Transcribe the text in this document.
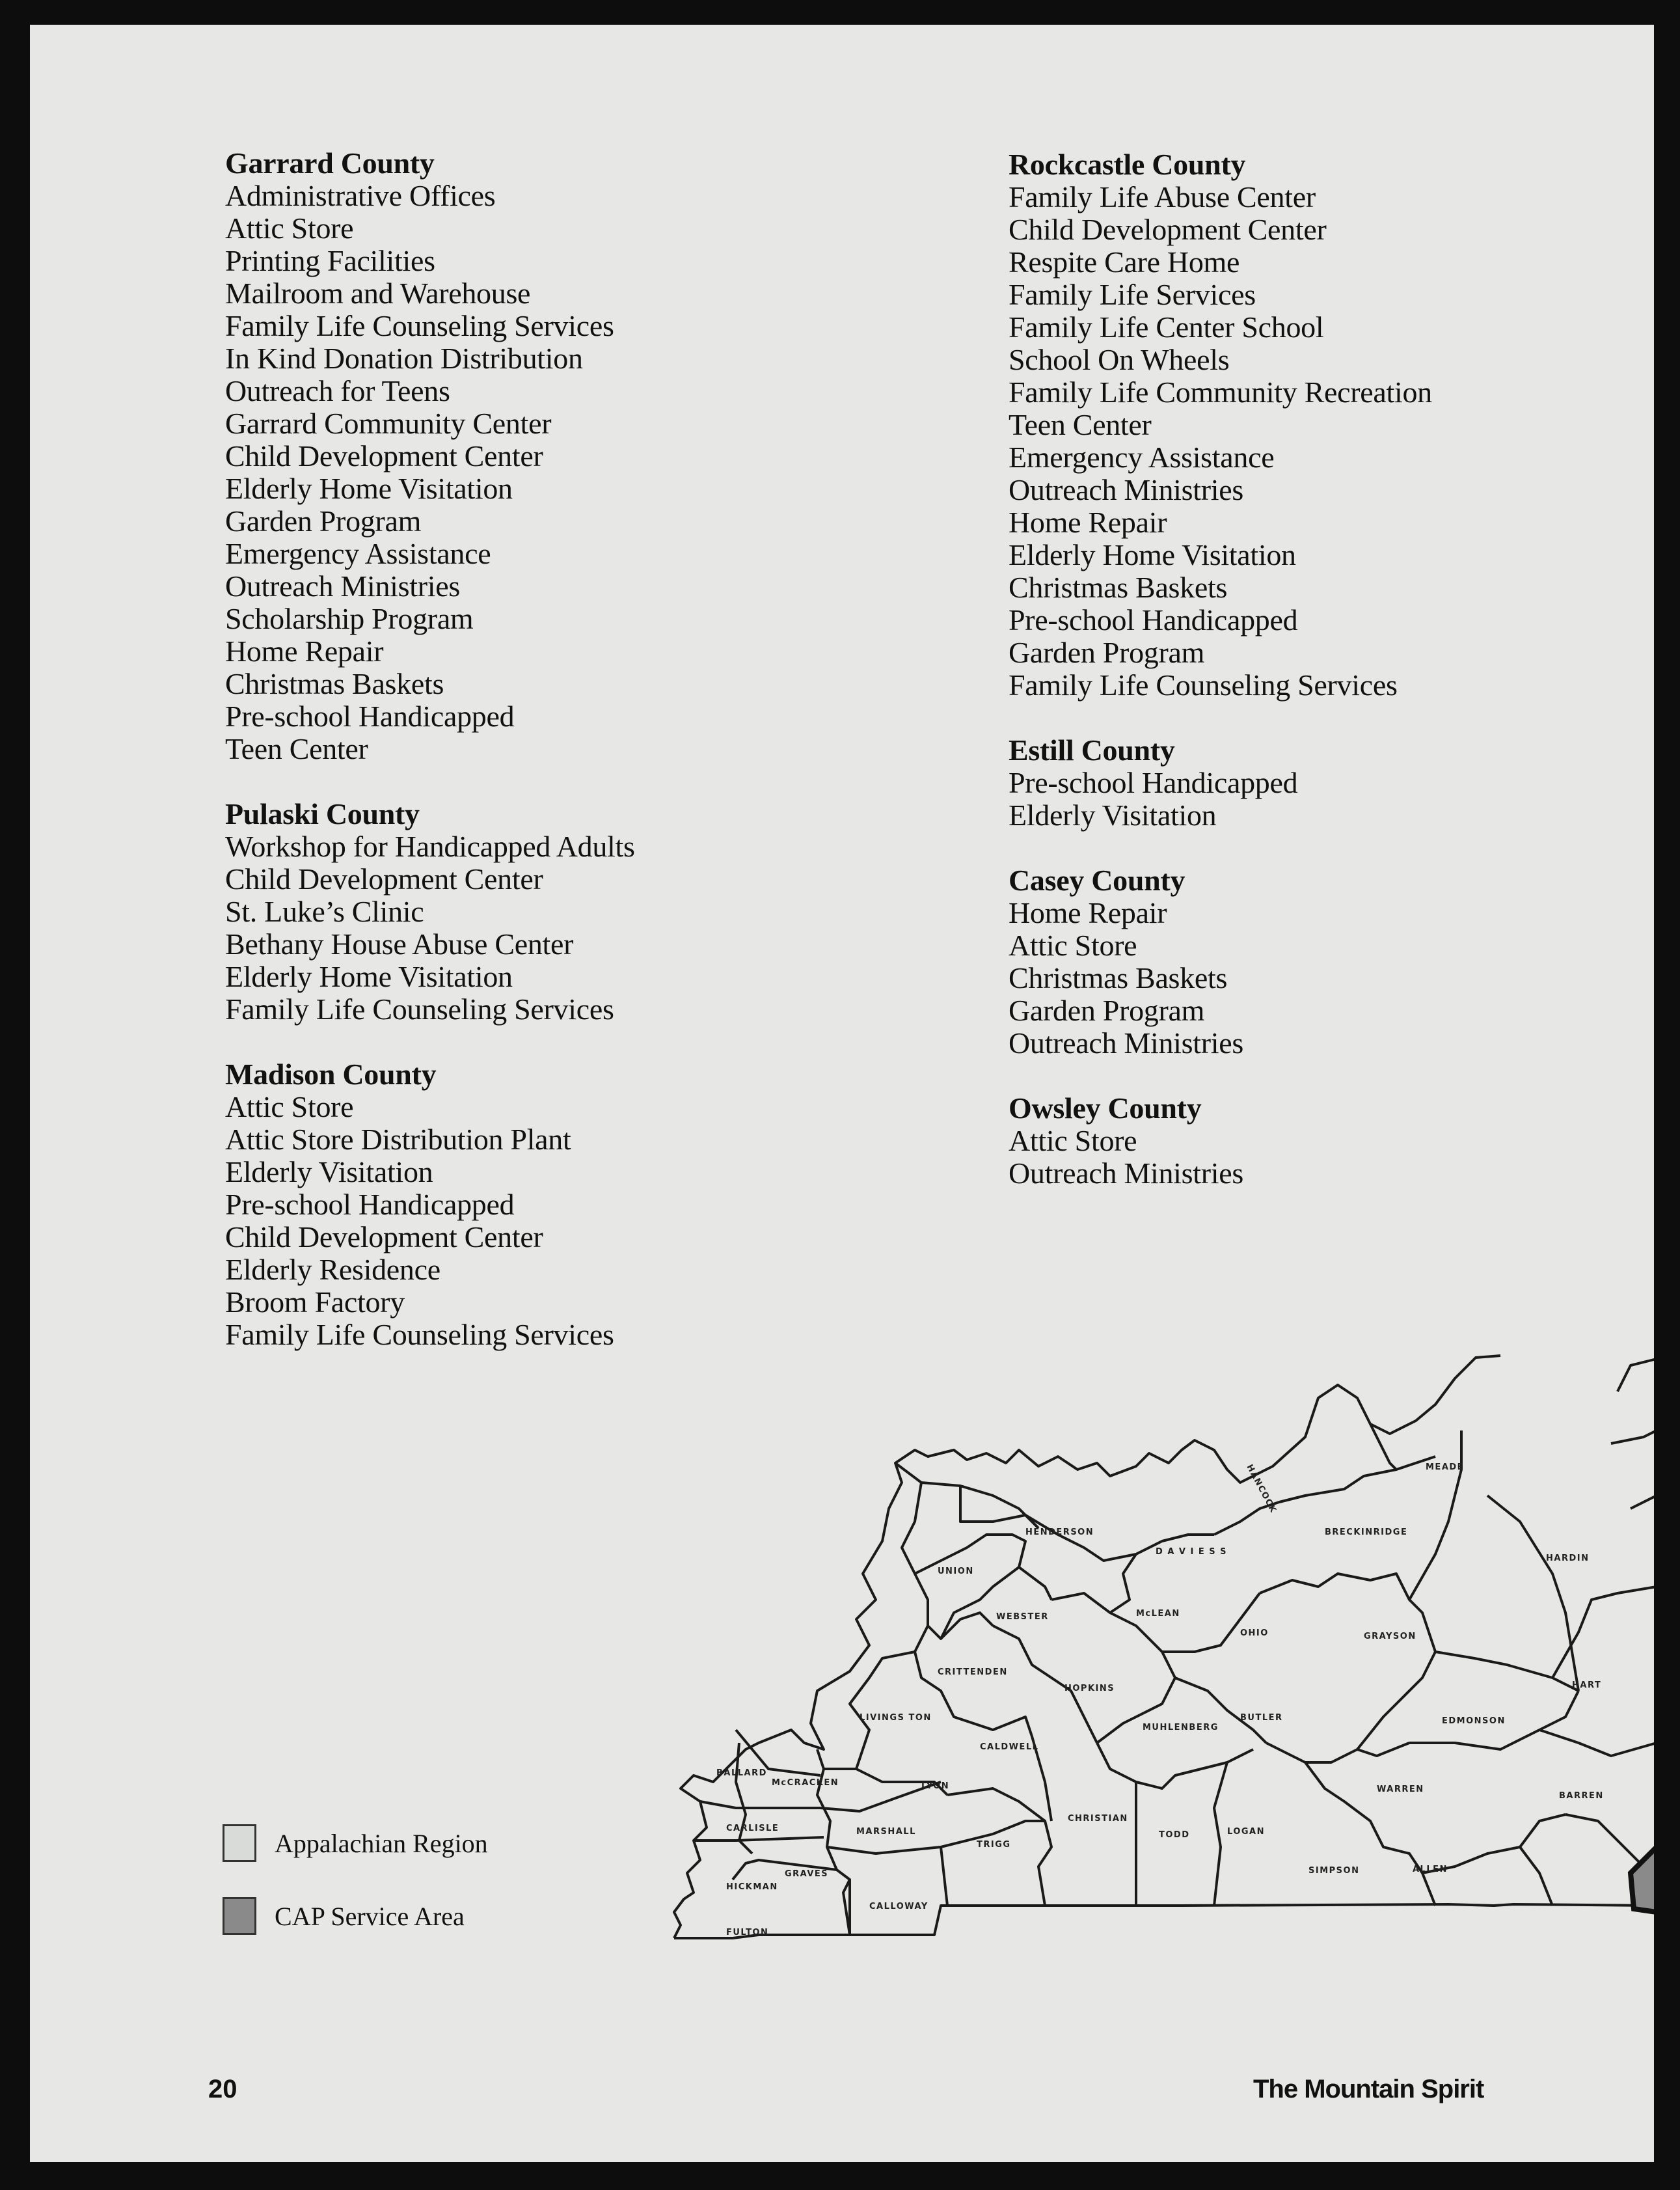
Garrard County
Administrative Offices
Attic Store
Printing Facilities
Mailroom and Warehouse
Family Life Counseling Services
In Kind Donation Distribution
Outreach for Teens
Garrard Community Center
Child Development Center
Elderly Home Visitation
Garden Program
Emergency Assistance
Outreach Ministries
Scholarship Program
Home Repair
Christmas Baskets
Pre-school Handicapped
Teen Center
Pulaski County
Workshop for Handicapped Adults
Child Development Center
St. Luke’s Clinic
Bethany House Abuse Center
Elderly Home Visitation
Family Life Counseling Services
Madison County
Attic Store
Attic Store Distribution Plant
Elderly Visitation
Pre-school Handicapped
Child Development Center
Elderly Residence
Broom Factory
Family Life Counseling Services
Rockcastle County
Family Life Abuse Center
Child Development Center
Respite Care Home
Family Life Services
Family Life Center School
School On Wheels
Family Life Community Recreation
Teen Center
Emergency Assistance
Outreach Ministries
Home Repair
Elderly Home Visitation
Christmas Baskets
Pre-school Handicapped
Garden Program
Family Life Counseling Services
Estill County
Pre-school Handicapped
Elderly Visitation
Casey County
Home Repair
Attic Store
Christmas Baskets
Garden Program
Outreach Ministries
Owsley County
Attic Store
Outreach Ministries
Appalachian Region
CAP Service Area
BALLARD
McCRACKEN
CARLISLE
HICKMAN
FULTON
GRAVES
MARSHALL
CALLOWAY
LIVINGS TON
LYON
TRIGG
CRITTENDEN
CALDWELL
CHRISTIAN
UNION
WEBSTER
HOPKINS
HENDERSON
McLEAN
MUHLENBERG
TODD
D A V I E S S
OHIO
BUTLER
LOGAN
HANCOCK
BRECKINRIDGE
GRAYSON
EDMONSON
WARREN
SIMPSON	ALLEN
MEADE
HARDIN
HART
BARREN
20	The Mountain Spirit
